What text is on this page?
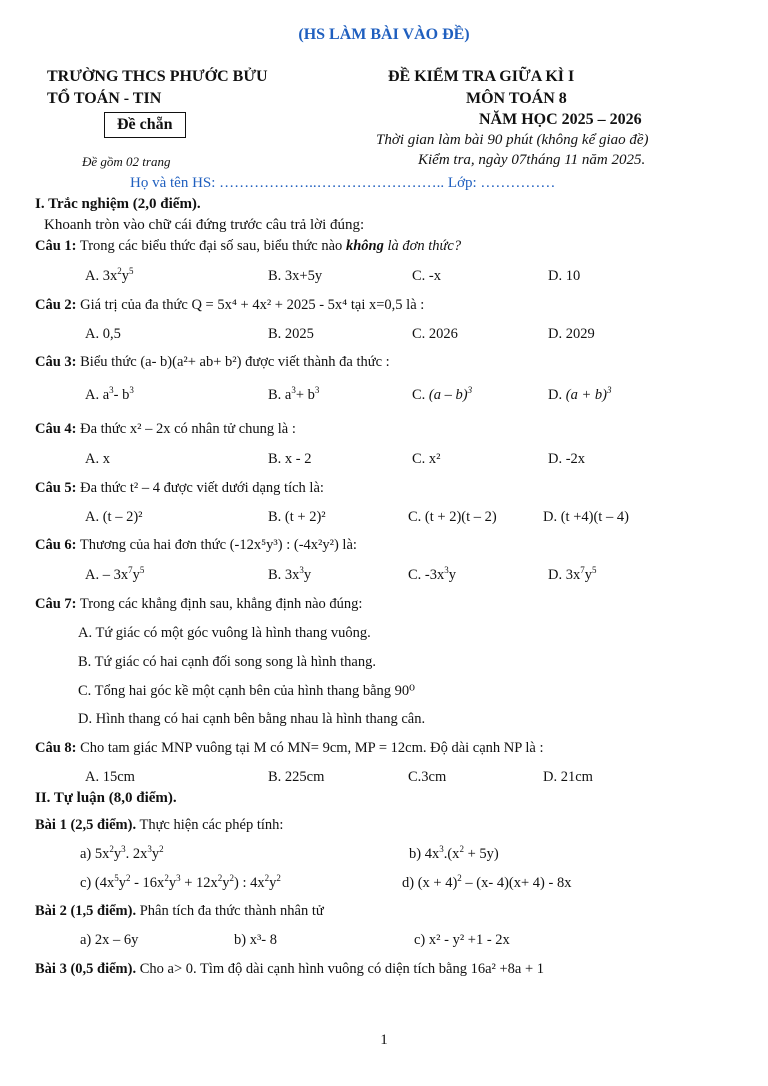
(HS LÀM BÀI VÀO ĐỀ)
TRƯỜNG THCS PHƯỚC BỬU
TỔ TOÁN - TIN
ĐỀ KIỂM TRA GIỮA KÌ I
MÔN TOÁN 8
NĂM HỌC 2025 – 2026
Đề chẵn
Thời gian làm bài 90 phút (không kể giao đề)
Đề gồm 02 trang	Kiểm tra, ngày 07tháng 11 năm 2025.
Họ và tên HS: ………………..…………………….. Lớp: ……………
I. Trắc nghiệm (2,0 điểm).
Khoanh tròn vào chữ cái đứng trước câu trả lời đúng:
Câu 1: Trong các biểu thức đại số sau, biểu thức nào không là đơn thức?
A. $3x^2y^5$	B. 3x+5y	C. -x	D. 10
Câu 2: Giá trị của đa thức Q = 5x⁴ + 4x² + 2025 - 5x⁴ tại x=0,5 là :
A. 0,5	B. 2025	C. 2026	D. 2029
Câu 3: Biểu thức (a- b)(a²+ ab+ b²) được viết thành đa thức :
A. $a^3-$ $b^3$	B. $a^3+ b^3$	C. (a – b)$^3$	D. $(a + b)^3$
Câu 4: Đa thức x² – 2x có nhân tử chung là :
A. x	B. x - 2	C. x²	D. -2x
Câu 5: Đa thức t² – 4 được viết dưới dạng tích là:
A. (t – 2)²	B. (t + 2)²	C. (t + 2)(t – 2)	D. (t +4)(t – 4)
Câu 6: Thương của hai đơn thức (-12x⁵y³) : (-4x²y²) là:
A. – $3x^7y^5$	B. $3x^3y$	C. $-3x^3y$	D. $3x^7y^5$
Câu 7: Trong các khẳng định sau, khẳng định nào đúng:
A. Tứ giác có một góc vuông là hình thang vuông.
B. Tứ giác có hai cạnh đối song song là hình thang.
C. Tổng hai góc kề một cạnh bên của hình thang bằng 90⁰
D. Hình thang có hai cạnh bên bằng nhau là hình thang cân.
Câu 8: Cho tam giác MNP vuông tại M có MN= 9cm, MP = 12cm. Độ dài cạnh NP là :
A. 15cm	B. 225cm	C.3cm	D. 21cm
II. Tự luận (8,0 điểm).
Bài 1 (2,5 điểm). Thực hiện các phép tính:
a) $5x^2y^3$. $2x^3y^2$	b) $4x^3.(x^2 + 5y)$
c) $(4x^5y^2 - 16x^2y^3 + 12x^2y^2)$ : $4x^2y^2$	d) $(x + 4)^2 - (x-$ 4)(x+ 4) - 8x
Bài 2 (1,5 điểm). Phân tích đa thức thành nhân tử
a) 2x – 6y	b) x³- 8	c) x² - y² +1 - 2x
Bài 3 (0,5 điểm). Cho a> 0. Tìm độ dài cạnh hình vuông có diện tích bằng 16a² +8a + 1
1
